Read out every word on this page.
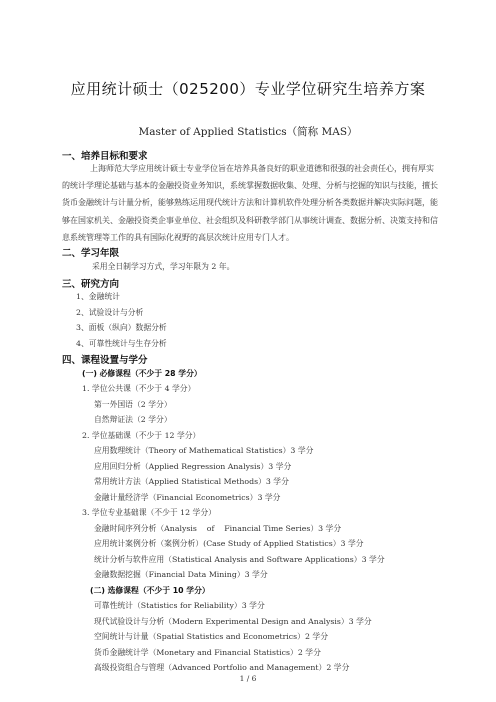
应用统计硕士（025200）专业学位研究生培养方案
Master of Applied Statistics（简称 MAS）
一、培养目标和要求
上海师范大学应用统计硕士专业学位旨在培养具备良好的职业道德和很强的社会责任心，拥有厚实的统计学理论基础与基本的金融投资业务知识，系统掌握数据收集、处理、分析与挖掘的知识与技能，擅长货币金融统计与计量分析，能够熟练运用现代统计方法和计算机软件处理分析各类数据并解决实际问题，能够在国家机关、金融投资类企事业单位、社会组织及科研教学部门从事统计调查、数据分析、决策支持和信息系统管理等工作的具有国际化视野的高层次统计应用专门人才。
二、学习年限
采用全日制学习方式，学习年限为 2 年。
三、研究方向
1、金融统计
2、试验设计与分析
3、面板（纵向）数据分析
4、可靠性统计与生存分析
四、课程设置与学分
(一) 必修课程（不少于 28 学分）
1. 学位公共课（不少于 4 学分）
第一外国语（2 学分）
自然辩证法（2 学分）
2. 学位基础课（不少于 12 学分）
应用数理统计（Theory of Mathematical Statistics）3 学分
应用回归分析（Applied Regression Analysis）3 学分
常用统计方法（Applied Statistical Methods）3 学分
金融计量经济学（Financial Econometrics）3 学分
3. 学位专业基础课（不少于 12 学分）
金融时间序列分析（Analysis    of    Financial Time Series）3 学分
应用统计案例分析（案例分析）(Case Study of Applied Statistics）3 学分
统计分析与软件应用（Statistical Analysis and Software Applications）3 学分
金融数据挖掘（Financial Data Mining）3 学分
(二) 选修课程（不少于 10 学分）
可靠性统计（Statistics for Reliability）3 学分
现代试验设计与分析（Modern Experimental Design and Analysis）3 学分
空间统计与计量（Spatial Statistics and Econometrics）2 学分
货币金融统计学（Monetary and Financial Statistics）2 学分
高级投资组合与管理（Advanced Portfolio and Management）2 学分
1 / 6
